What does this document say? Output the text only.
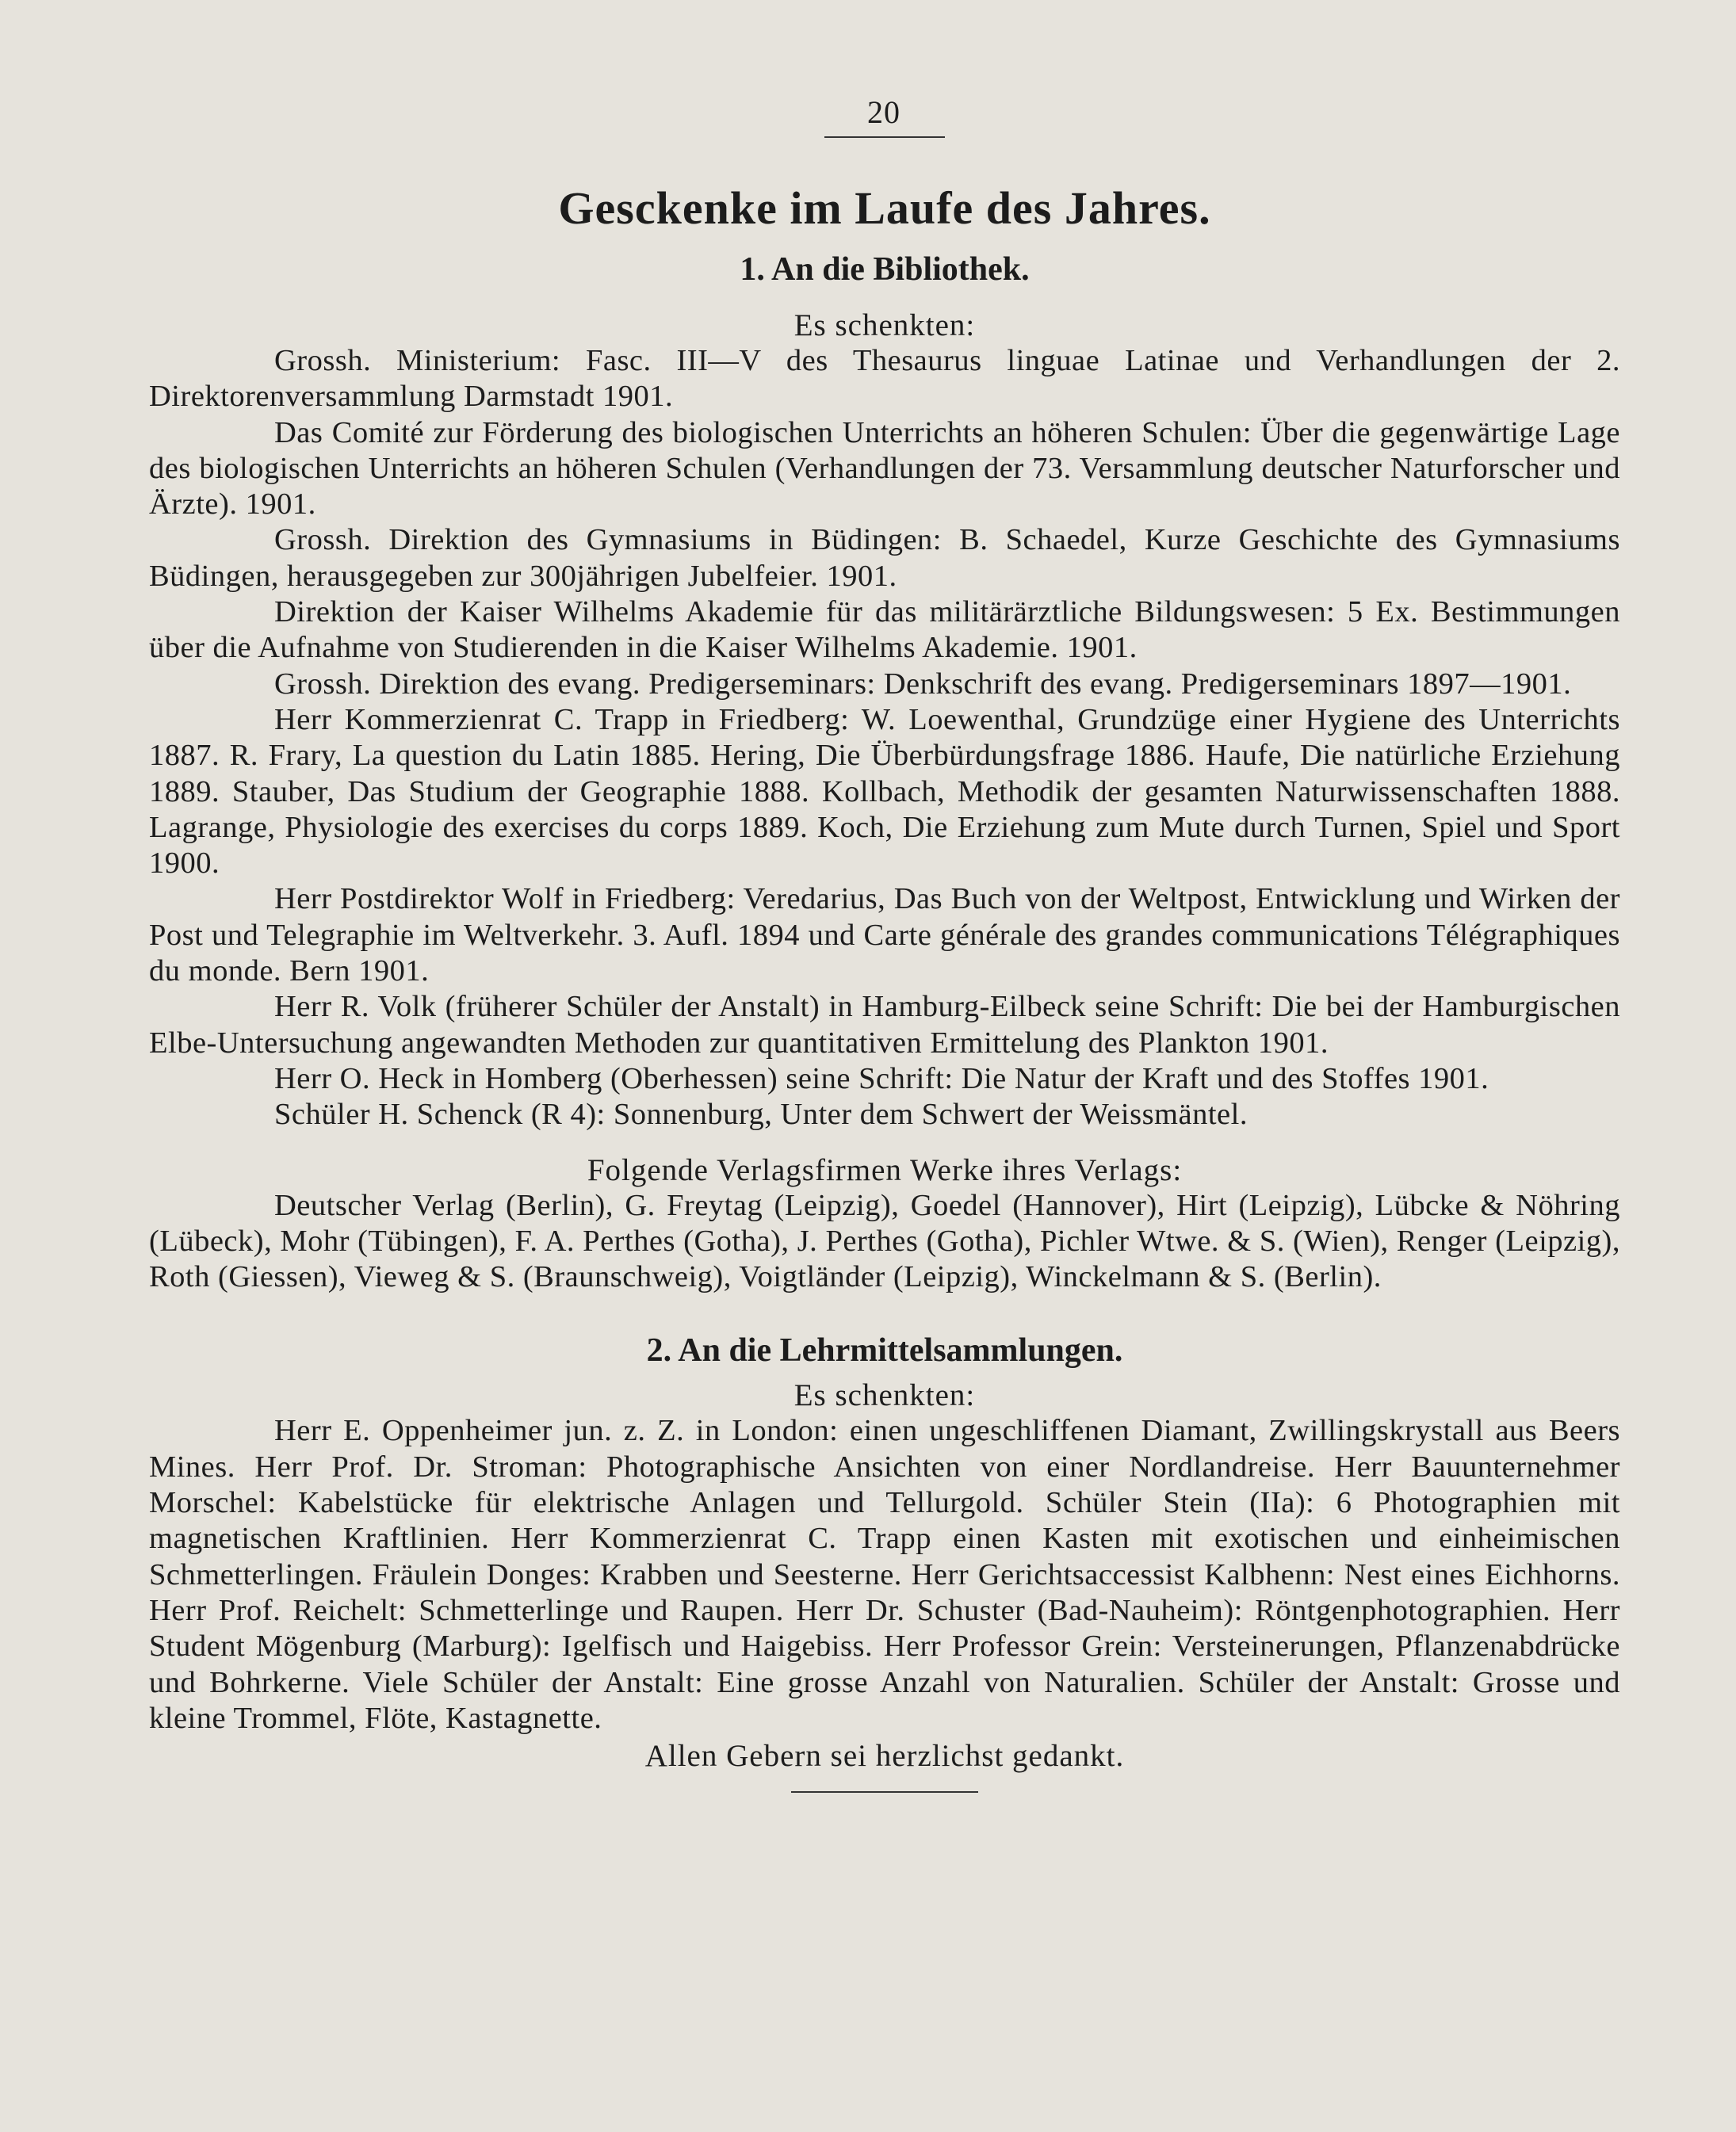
20
Gesckenke im Laufe des Jahres.
1. An die Bibliothek.

Es schenkten:

Grossh. Ministerium: Fasc. III—V des Thesaurus linguae Latinae und Verhandlungen der 2. Direktorenversammlung Darmstadt 1901.

Das Comité zur Förderung des biologischen Unterrichts an höheren Schulen: Über die gegenwärtige Lage des biologischen Unterrichts an höheren Schulen (Verhandlungen der 73. Versammlung deutscher Naturforscher und Ärzte). 1901.

Grossh. Direktion des Gymnasiums in Büdingen: B. Schaedel, Kurze Geschichte des Gymnasiums Büdingen, herausgegeben zur 300jährigen Jubelfeier. 1901.

Direktion der Kaiser Wilhelms Akademie für das militärärztliche Bildungswesen: 5 Ex. Bestimmungen über die Aufnahme von Studierenden in die Kaiser Wilhelms Akademie. 1901.

Grossh. Direktion des evang. Predigerseminars: Denkschrift des evang. Predigerseminars 1897—1901.

Herr Kommerzienrat C. Trapp in Friedberg: W. Loewenthal, Grundzüge einer Hygiene des Unterrichts 1887. R. Frary, La question du Latin 1885. Hering, Die Überbürdungsfrage 1886. Haufe, Die natürliche Erziehung 1889. Stauber, Das Studium der Geographie 1888. Kollbach, Methodik der gesamten Naturwissenschaften 1888. Lagrange, Physiologie des exercises du corps 1889. Koch, Die Erziehung zum Mute durch Turnen, Spiel und Sport 1900.

Herr Postdirektor Wolf in Friedberg: Veredarius, Das Buch von der Weltpost, Entwicklung und Wirken der Post und Telegraphie im Weltverkehr. 3. Aufl. 1894 und Carte générale des grandes communications Télégraphiques du monde. Bern 1901.

Herr R. Volk (früherer Schüler der Anstalt) in Hamburg-Eilbeck seine Schrift: Die bei der Hamburgischen Elbe-Untersuchung angewandten Methoden zur quantitativen Ermittelung des Plankton 1901.

Herr O. Heck in Homberg (Oberhessen) seine Schrift: Die Natur der Kraft und des Stoffes 1901.

Schüler H. Schenck (R 4): Sonnenburg, Unter dem Schwert der Weissmäntel.

Folgende Verlagsfirmen Werke ihres Verlags:

Deutscher Verlag (Berlin), G. Freytag (Leipzig), Goedel (Hannover), Hirt (Leipzig), Lübcke & Nöhring (Lübeck), Mohr (Tübingen), F. A. Perthes (Gotha), J. Perthes (Gotha), Pichler Wtwe. & S. (Wien), Renger (Leipzig), Roth (Giessen), Vieweg & S. (Braunschweig), Voigtländer (Leipzig), Winckelmann & S. (Berlin).

2. An die Lehrmittelsammlungen.

Es schenkten:

Herr E. Oppenheimer jun. z. Z. in London: einen ungeschliffenen Diamant, Zwillingskrystall aus Beers Mines. Herr Prof. Dr. Stroman: Photographische Ansichten von einer Nordlandreise. Herr Bauunternehmer Morschel: Kabelstücke für elektrische Anlagen und Tellurgold. Schüler Stein (IIa): 6 Photographien mit magnetischen Kraftlinien. Herr Kommerzienrat C. Trapp einen Kasten mit exotischen und einheimischen Schmetterlingen. Fräulein Donges: Krabben und Seesterne. Herr Gerichtsaccessist Kalbhenn: Nest eines Eichhorns. Herr Prof. Reichelt: Schmetterlinge und Raupen. Herr Dr. Schuster (Bad-Nauheim): Röntgenphotographien. Herr Student Mögenburg (Marburg): Igelfisch und Haigebiss. Herr Professor Grein: Versteinerungen, Pflanzenabdrücke und Bohrkerne. Viele Schüler der Anstalt: Eine grosse Anzahl von Naturalien. Schüler der Anstalt: Grosse und kleine Trommel, Flöte, Kastagnette.

Allen Gebern sei herzlichst gedankt.
